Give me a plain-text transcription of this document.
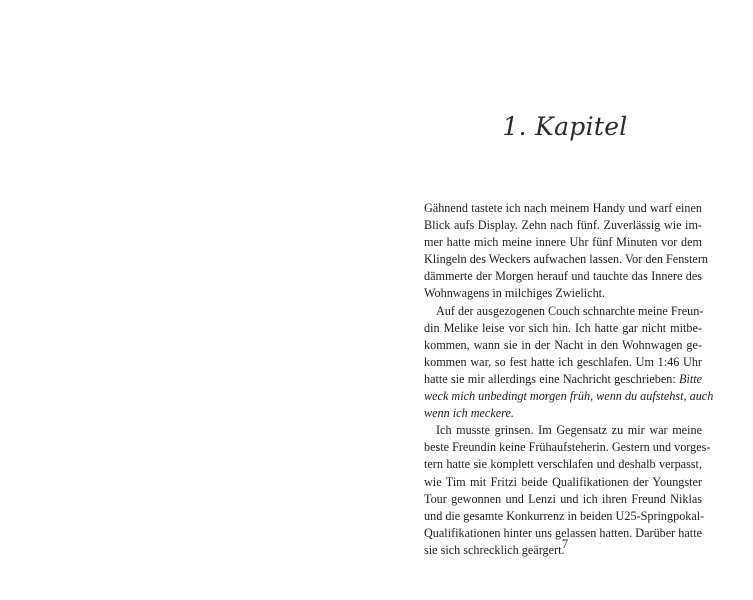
1. Kapitel
Gähnend tastete ich nach meinem Handy und warf einen
Blick aufs Display. Zehn nach fünf. Zuverlässig wie im-
mer hatte mich meine innere Uhr fünf Minuten vor dem
Klingeln des Weckers aufwachen lassen. Vor den Fenstern
dämmerte der Morgen herauf und tauchte das Innere des
Wohnwagens in milchiges Zwielicht.
Auf der ausgezogenen Couch schnarchte meine Freun-
din Melike leise vor sich hin. Ich hatte gar nicht mitbe-
kommen, wann sie in der Nacht in den Wohnwagen ge-
kommen war, so fest hatte ich geschlafen. Um 1:46 Uhr
hatte sie mir allerdings eine Nachricht geschrieben: Bitte
weck mich unbedingt morgen früh, wenn du aufstehst, auch
wenn ich meckere.
Ich musste grinsen. Im Gegensatz zu mir war meine
beste Freundin keine Frühaufsteherin. Gestern und vorges-
tern hatte sie komplett verschlafen und deshalb verpasst,
wie Tim mit Fritzi beide Qualifikationen der Youngster
Tour gewonnen und Lenzi und ich ihren Freund Niklas
und die gesamte Konkurrenz in beiden U25-Springpokal-
Qualifikationen hinter uns gelassen hatten. Darüber hatte
sie sich schrecklich geärgert.
7
